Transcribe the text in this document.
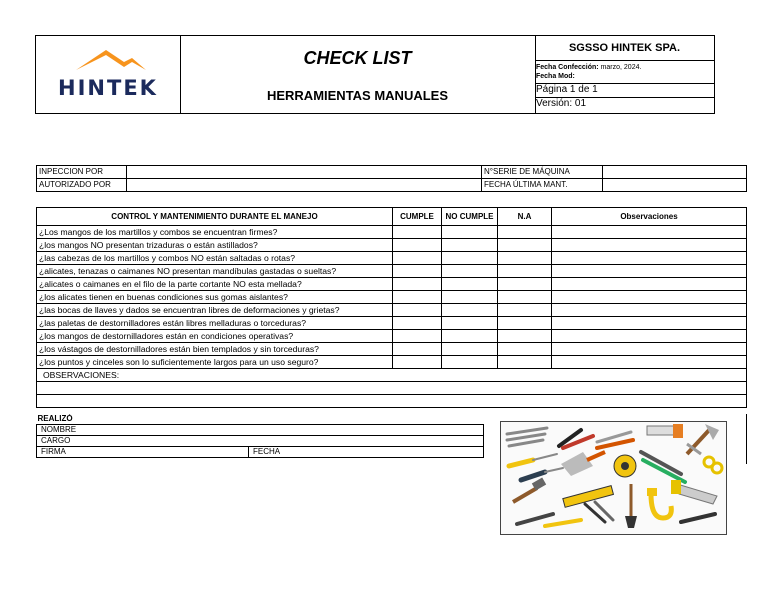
HINTEK
CHECK LIST
HERRAMIENTAS MANUALES
SGSSO HINTEK SPA.
Fecha Confección: marzo, 2024.
Fecha Mod:
Página 1 de 1
Versión: 01
INPECCION POR		N°SERIE DE MÁQUINA	
AUTORIZADO POR		FECHA ÚLTIMA MANT.	
CONTROL Y MANTENIMIENTO DURANTE EL MANEJO	CUMPLE	NO CUMPLE	N.A	Observaciones
¿Los mangos de los martillos y combos se encuentran firmes?				
¿los mangos NO presentan trizaduras o están astillados?				
¿las cabezas de los martillos y combos NO están saltadas o rotas?				
¿alicates, tenazas o caimanes NO presentan mandíbulas gastadas o sueltas?				
¿alicates o caimanes en el filo de la parte cortante NO esta mellada?				
¿los alicates tienen en buenas condiciones sus gomas aislantes?				
¿las bocas de llaves y dados se encuentran libres de deformaciones y grietas?				
¿las paletas de destornilladores están libres melladuras o torceduras?				
¿los mangos de destornilladores están en condiciones operativas?				
¿los vástagos de destornilladores están bien templados y sin torceduras?				
¿los puntos y cinceles son lo suficientemente largos para un uso seguro?				
OBSERVACIONES:				

REALIZÓ
NOMBRE
CARGO
FIRMA	FECHA
